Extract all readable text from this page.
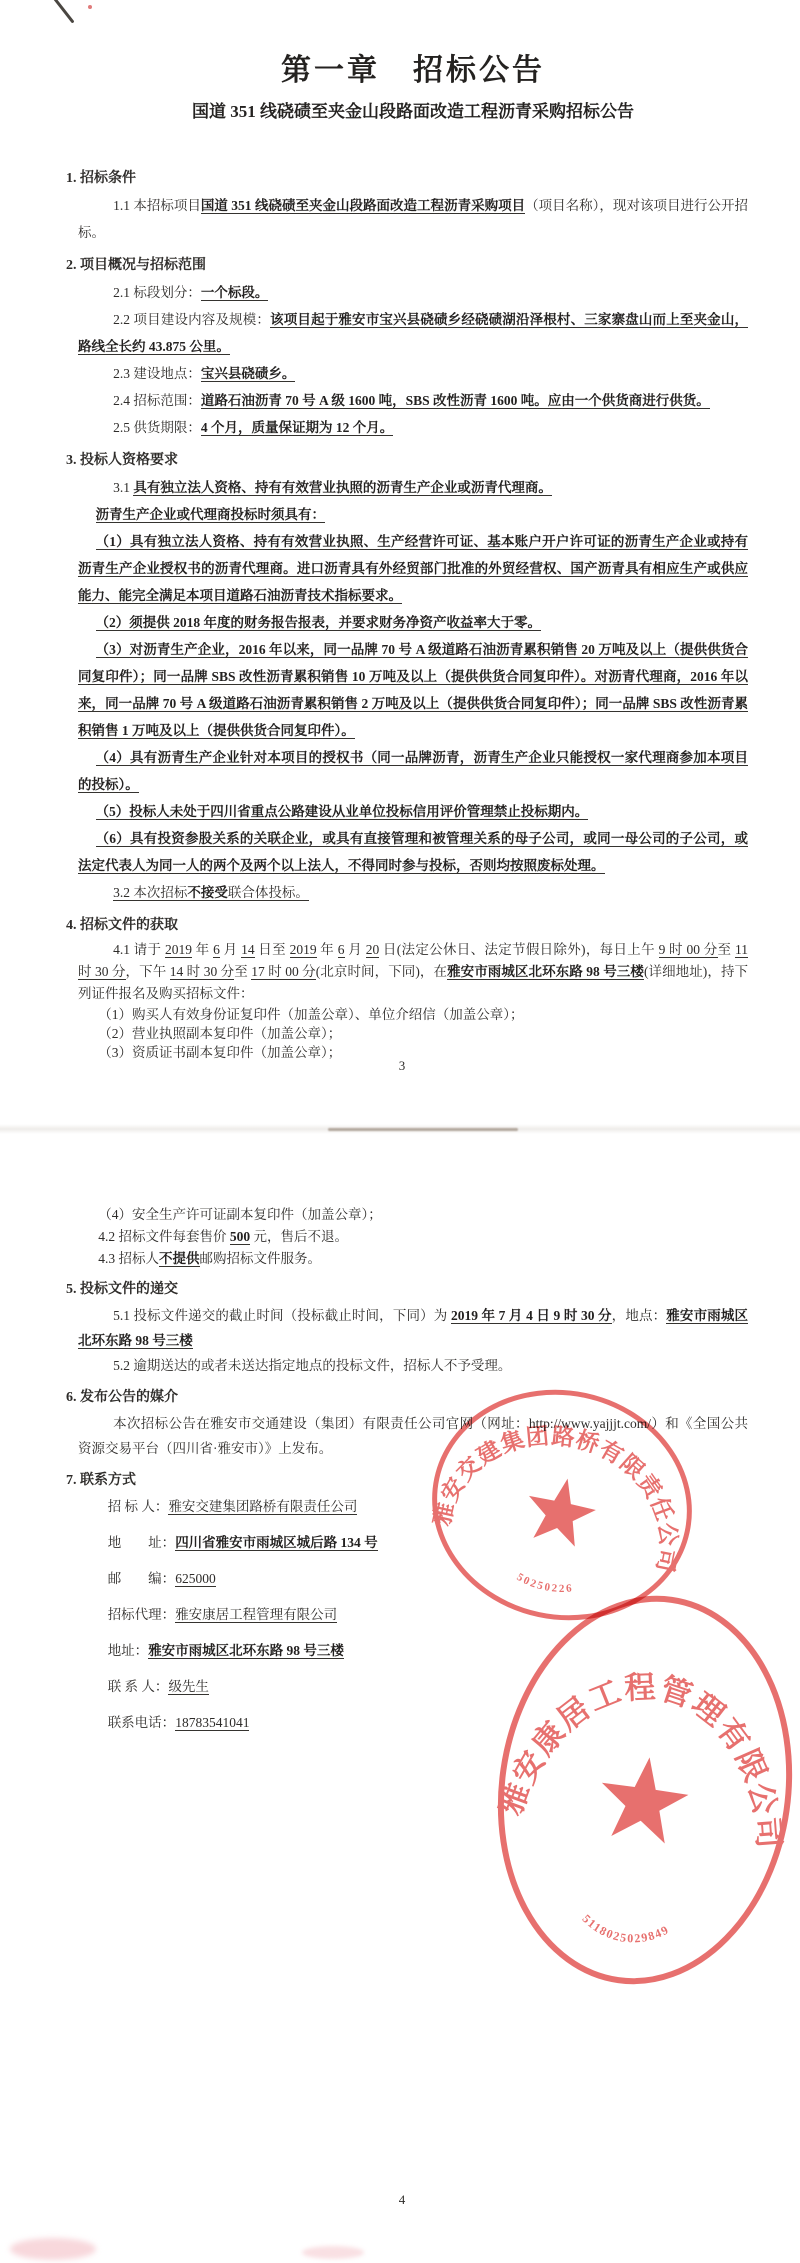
第一章　招标公告
国道 351 线硗碛至夹金山段路面改造工程沥青采购招标公告
1. 招标条件
1.1 本招标项目国道 351 线硗碛至夹金山段路面改造工程沥青采购项目（项目名称），现对该项目进行公开招标。
2. 项目概况与招标范围
2.1 标段划分：一个标段。
2.2 项目建设内容及规模：该项目起于雅安市宝兴县硗碛乡经硗碛湖沿泽根村、三家寨盘山而上至夹金山，路线全长约 43.875 公里。
2.3 建设地点：宝兴县硗碛乡。
2.4 招标范围：道路石油沥青 70 号 A 级 1600 吨，SBS 改性沥青 1600 吨。应由一个供货商进行供货。
2.5 供货期限：4 个月，质量保证期为 12 个月。
3. 投标人资格要求
3.1 具有独立法人资格、持有有效营业执照的沥青生产企业或沥青代理商。
沥青生产企业或代理商投标时须具有：
（1）具有独立法人资格、持有有效营业执照、生产经营许可证、基本账户开户许可证的沥青生产企业或持有沥青生产企业授权书的沥青代理商。进口沥青具有外经贸部门批准的外贸经营权、国产沥青具有相应生产或供应能力、能完全满足本项目道路石油沥青技术指标要求。
（2）须提供 2018 年度的财务报告报表，并要求财务净资产收益率大于零。
（3）对沥青生产企业，2016 年以来，同一品牌 70 号 A 级道路石油沥青累积销售 20 万吨及以上（提供供货合同复印件）；同一品牌 SBS 改性沥青累积销售 10 万吨及以上（提供供货合同复印件）。对沥青代理商，2016 年以来，同一品牌 70 号 A 级道路石油沥青累积销售 2 万吨及以上（提供供货合同复印件）；同一品牌 SBS 改性沥青累积销售 1 万吨及以上（提供供货合同复印件）。
（4）具有沥青生产企业针对本项目的授权书（同一品牌沥青，沥青生产企业只能授权一家代理商参加本项目的投标）。
（5）投标人未处于四川省重点公路建设从业单位投标信用评价管理禁止投标期内。
（6）具有投资参股关系的关联企业，或具有直接管理和被管理关系的母子公司，或同一母公司的子公司，或法定代表人为同一人的两个及两个以上法人，不得同时参与投标，否则均按照废标处理。
3.2 本次招标不接受联合体投标。
4. 招标文件的获取
4.1 请于 2019 年 6 月 14 日至 2019 年 6 月 20 日(法定公休日、法定节假日除外)，每日上午 9 时 00 分至 11 时 30 分，下午 14 时 30 分至 17 时 00 分(北京时间，下同)，在雅安市雨城区北环东路 98 号三楼(详细地址)，持下列证件报名及购买招标文件：
（1）购买人有效身份证复印件（加盖公章）、单位介绍信（加盖公章）；
（2）营业执照副本复印件（加盖公章）；
（3）资质证书副本复印件（加盖公章）；
3
（4）安全生产许可证副本复印件（加盖公章）；
4.2 招标文件每套售价 500 元，售后不退。
4.3 招标人不提供邮购招标文件服务。
5. 投标文件的递交
5.1 投标文件递交的截止时间（投标截止时间，下同）为 2019 年 7 月 4 日 9 时 30 分，地点：雅安市雨城区北环东路 98 号三楼
5.2 逾期送达的或者未送达指定地点的投标文件，招标人不予受理。
6. 发布公告的媒介
本次招标公告在雅安市交通建设（集团）有限责任公司官网（网址：http://www.yajjjt.com/）和《全国公共资源交易平台（四川省·雅安市）》上发布。
7. 联系方式
招 标 人：雅安交建集团路桥有限责任公司
地　　址：四川省雅安市雨城区城后路 134 号
邮　　编：625000
招标代理：雅安康居工程管理有限公司
地址：雅安市雨城区北环东路 98 号三楼
联 系 人：级先生
联系电话：18783541041
4
雅安交建集团路桥有限责任公司
50250226
雅安康居工程管理有限公司
5118025029849
